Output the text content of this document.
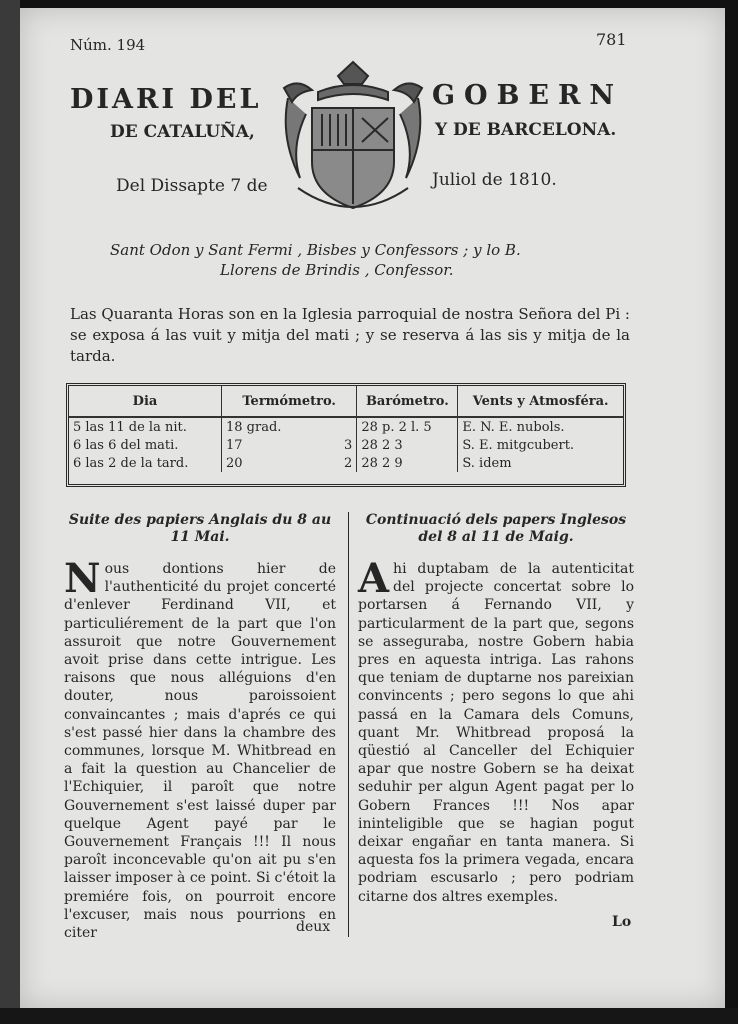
Núm. 194	781
DIARI DEL	GOBERN
DE CATALUÑA,	Y DE BARCELONA.
Del Dissapte 7 de	Juliol de 1810.
Sant Odon y Sant Fermi , Bisbes y Confessors ; y lo B.
Llorens de Brindis , Confessor.
Las Quaranta Horas son en la Iglesia parroquial de nostra Señora del Pi : se exposa á las vuit y mitja del mati ; y se reserva á las sis y mitja de la tarda.
Dia	Termómetro.		Barómetro.	Vents y Atmosféra.
5 las 11 de la nit.	18 grad.		28 p. 2 l. 5	E. N. E. nubols.
6 las 6 del mati.	17	3	28 2 3	S. E. mitgcubert.
6 las 2 de la tard.	20	2	28 2 9	S. idem
Suite des papiers Anglais du 8 au 11 Mai.
Nous dontions hier de l'authenticité du projet concerté d'enlever Ferdinand VII, et particuliérement de la part que l'on assuroit que notre Gouvernement avoit prise dans cette intrigue. Les raisons que nous alléguions d'en douter, nous paroissoient convaincantes ; mais d'aprés ce qui s'est passé hier dans la chambre des communes, lorsque M. Whitbread en a fait la question au Chancelier de l'Echiquier, il paroît que notre Gouvernement s'est laissé duper par quelque Agent payé par le Gouvernement Français !!! Il nous paroît inconcevable qu'on ait pu s'en laisser imposer à ce point. Si c'étoit la premiére fois, on pourroit encore l'excuser, mais nous pourrions en citer
Continuació dels papers Inglesos del 8 al 11 de Maig.
Ahi duptabam de la autenticitat del projecte concertat sobre lo portarsen á Fernando VII, y particularment de la part que, segons se asseguraba, nostre Gobern habia pres en aquesta intriga. Las rahons que teniam de duptarne nos pareixian convincents ; pero segons lo que ahi passá en la Camara dels Comuns, quant Mr. Whitbread proposá la qüestió al Canceller del Echiquier apar que nostre Gobern se ha deixat seduhir per algun Agent pagat per lo Gobern Frances !!! Nos apar ininteligible que se hagian pogut deixar engañar en tanta manera. Si aquesta fos la primera vegada, encara podriam escusarlo ; pero podriam citarne dos altres exemples.
deux	Lo
